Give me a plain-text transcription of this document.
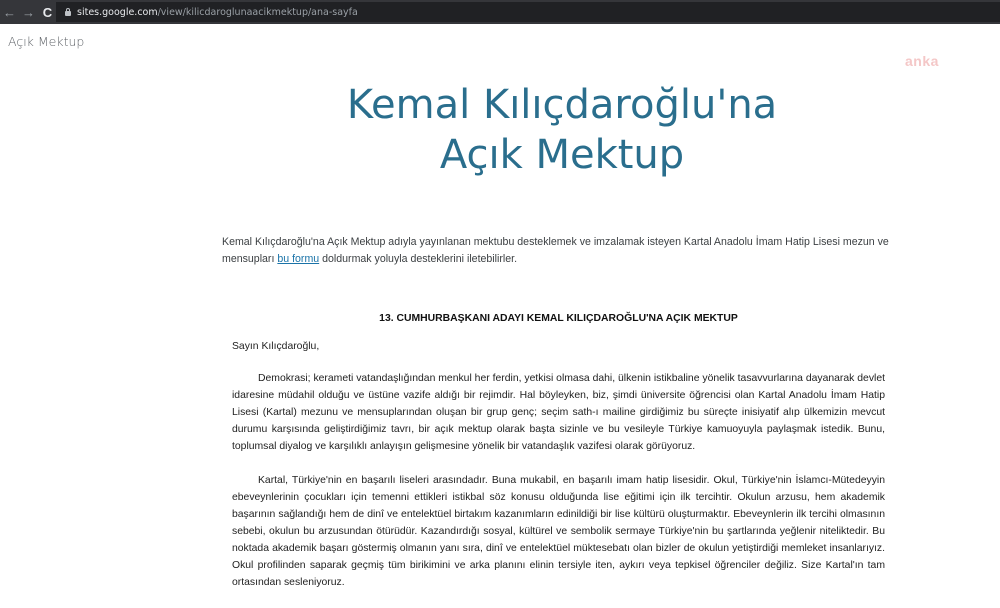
← → C	sites.google.com /view/kilicdaroglunaacikmektup/ana-sayfa
Açık Mektup
anka
Kemal Kılıçdaroğlu'na
Açık Mektup
Kemal Kılıçdaroğlu'na Açık Mektup adıyla yayınlanan mektubu desteklemek ve imzalamak isteyen Kartal Anadolu İmam Hatip Lisesi mezun ve mensupları bu formu doldurmak yoluyla desteklerini iletebilirler.
13. CUMHURBAŞKANI ADAYI KEMAL KILIÇDAROĞLU'NA AÇIK MEKTUP
Sayın Kılıçdaroğlu,

Demokrasi; kerameti vatandaşlığından menkul her ferdin, yetkisi olmasa dahi, ülkenin istikbaline yönelik tasavvurlarına dayanarak devlet idaresine müdahil olduğu ve üstüne vazife aldığı bir rejimdir. Hal böyleyken, biz, şimdi üniversite öğrencisi olan Kartal Anadolu İmam Hatip Lisesi (Kartal) mezunu ve mensuplarından oluşan bir grup genç; seçim sath-ı mailine girdiğimiz bu süreçte inisiyatif alıp ülkemizin mevcut durumu karşısında geliştirdiğimiz tavrı, bir açık mektup olarak başta sizinle ve bu vesileyle Türkiye kamuoyuyla paylaşmak istedik. Bunu, toplumsal diyalog ve karşılıklı anlayışın gelişmesine yönelik bir vatandaşlık vazifesi olarak görüyoruz.

Kartal, Türkiye'nin en başarılı liseleri arasındadır. Buna mukabil, en başarılı imam hatip lisesidir. Okul, Türkiye'nin İslamcı-Mütedeyyin ebeveynlerinin çocukları için temenni ettikleri istikbal söz konusu olduğunda lise eğitimi için ilk tercihtir. Okulun arzusu, hem akademik başarının sağlandığı hem de dinî ve entelektüel birtakım kazanımların edinildiği bir lise kültürü oluşturmaktır. Ebeveynlerin ilk tercihi olmasının sebebi, okulun bu arzusundan ötürüdür. Kazandırdığı sosyal, kültürel ve sembolik sermaye Türkiye'nin bu şartlarında yeğlenir niteliktedir. Bu noktada akademik başarı göstermiş olmanın yanı sıra, dinî ve entelektüel müktesebatı olan bizler de okulun yetiştirdiği memleket insanlarıyız. Okul profilinden saparak geçmiş tüm birikimini ve arka planını elinin tersiyle iten, aykırı veya tepkisel öğrenciler değiliz. Size Kartal'ın tam ortasından sesleniyoruz.
